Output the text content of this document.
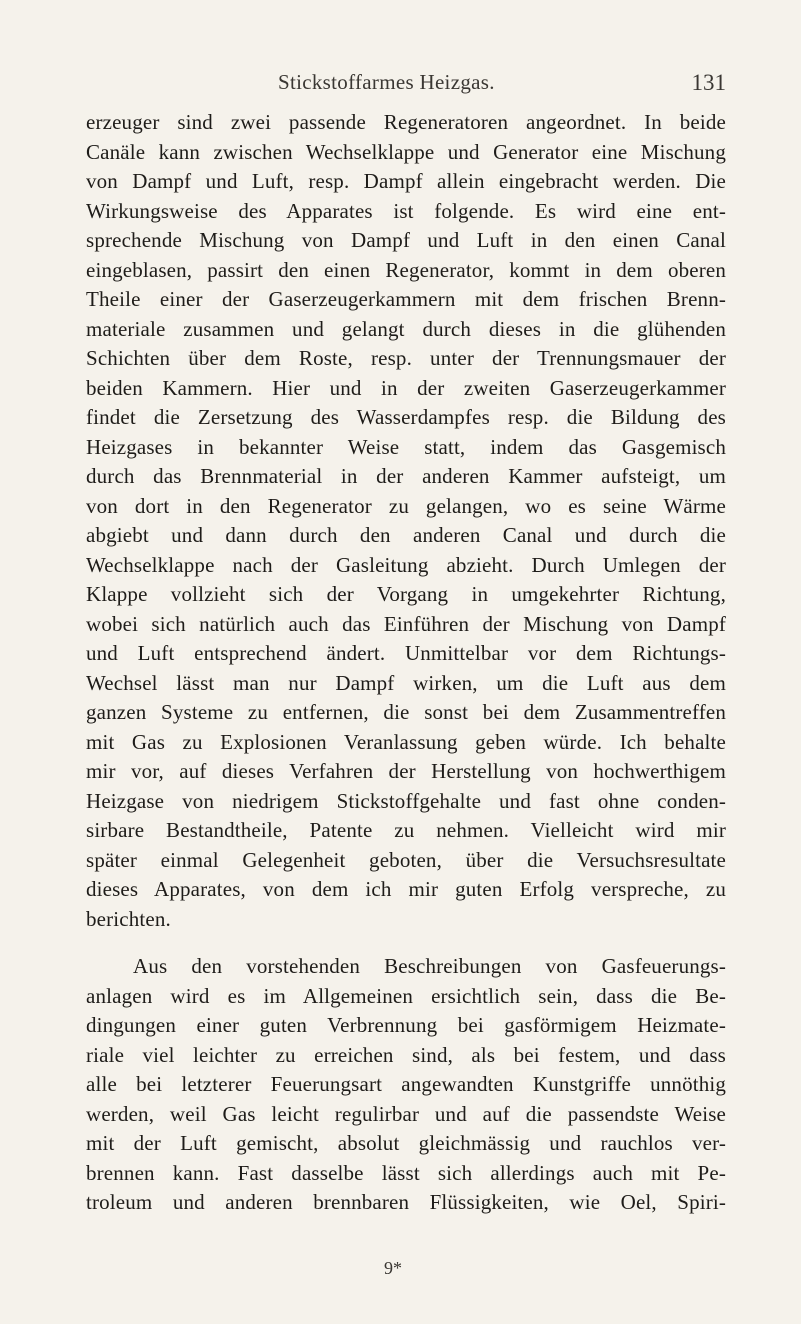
Stickstoffarmes Heizgas.	131
erzeuger sind zwei passende Regeneratoren angeordnet. In beide
Canäle kann zwischen Wechselklappe und Generator eine Mischung
von Dampf und Luft, resp. Dampf allein eingebracht werden. Die
Wirkungsweise des Apparates ist folgende. Es wird eine ent-
sprechende Mischung von Dampf und Luft in den einen Canal
eingeblasen, passirt den einen Regenerator, kommt in dem oberen
Theile einer der Gaserzeugerkammern mit dem frischen Brenn-
materiale zusammen und gelangt durch dieses in die glühenden
Schichten über dem Roste, resp. unter der Trennungsmauer der
beiden Kammern. Hier und in der zweiten Gaserzeugerkammer
findet die Zersetzung des Wasserdampfes resp. die Bildung des
Heizgases in bekannter Weise statt, indem das Gasgemisch
durch das Brennmaterial in der anderen Kammer aufsteigt, um
von dort in den Regenerator zu gelangen, wo es seine Wärme
abgiebt und dann durch den anderen Canal und durch die
Wechselklappe nach der Gasleitung abzieht. Durch Umlegen der
Klappe vollzieht sich der Vorgang in umgekehrter Richtung,
wobei sich natürlich auch das Einführen der Mischung von Dampf
und Luft entsprechend ändert. Unmittelbar vor dem Richtungs-
Wechsel lässt man nur Dampf wirken, um die Luft aus dem
ganzen Systeme zu entfernen, die sonst bei dem Zusammentreffen
mit Gas zu Explosionen Veranlassung geben würde. Ich behalte
mir vor, auf dieses Verfahren der Herstellung von hochwerthigem
Heizgase von niedrigem Stickstoffgehalte und fast ohne conden-
sirbare Bestandtheile, Patente zu nehmen. Vielleicht wird mir
später einmal Gelegenheit geboten, über die Versuchsresultate
dieses Apparates, von dem ich mir guten Erfolg verspreche, zu
berichten.
Aus den vorstehenden Beschreibungen von Gasfeuerungs-
anlagen wird es im Allgemeinen ersichtlich sein, dass die Be-
dingungen einer guten Verbrennung bei gasförmigem Heizmate-
riale viel leichter zu erreichen sind, als bei festem, und dass
alle bei letzterer Feuerungsart angewandten Kunstgriffe unnöthig
werden, weil Gas leicht regulirbar und auf die passendste Weise
mit der Luft gemischt, absolut gleichmässig und rauchlos ver-
brennen kann. Fast dasselbe lässt sich allerdings auch mit Pe-
troleum und anderen brennbaren Flüssigkeiten, wie Oel, Spiri-
9*
